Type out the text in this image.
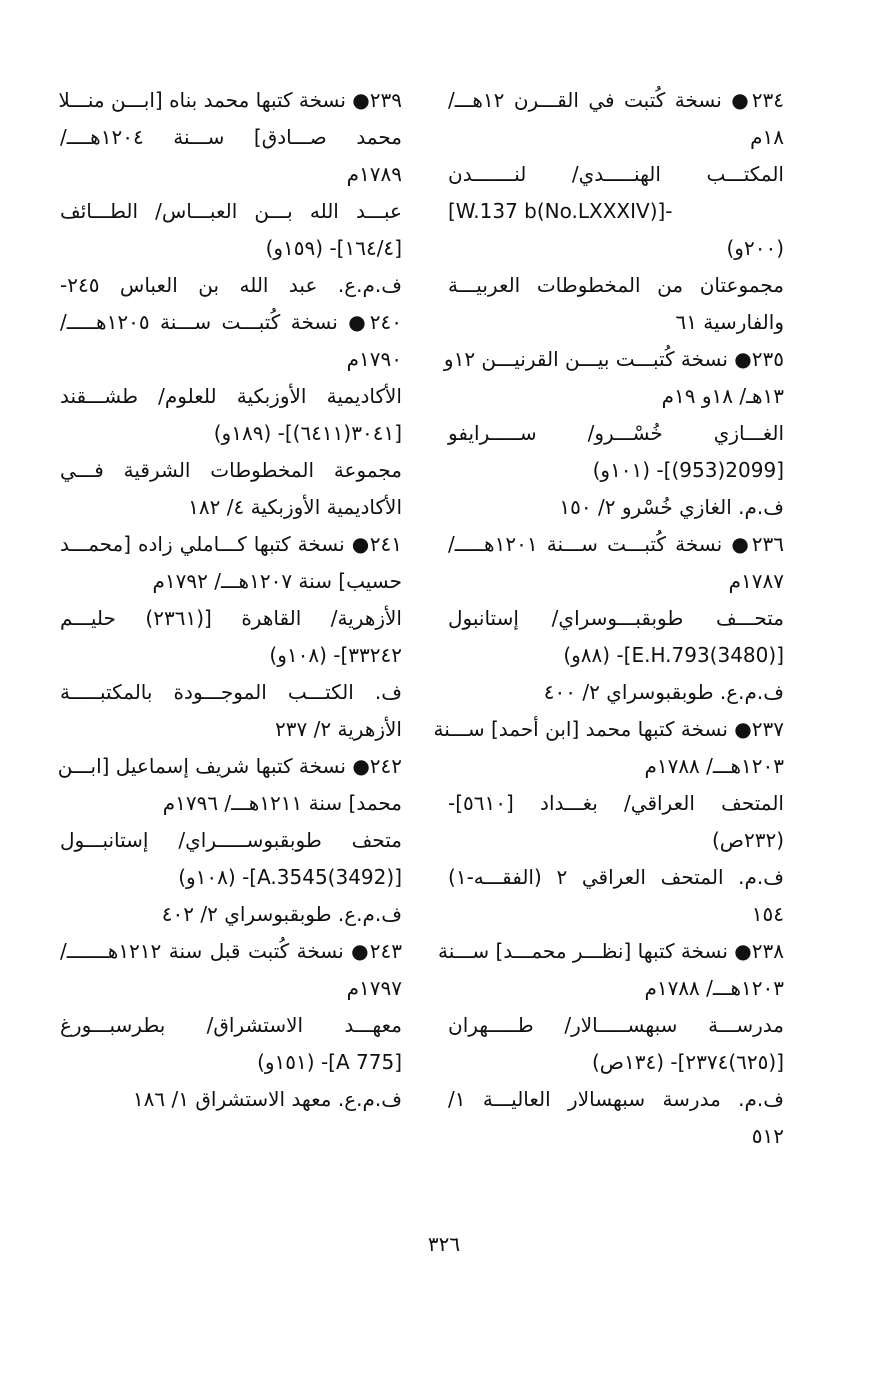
٢٣٤● نسخة كُتبت في القـــرن ١٢هـــ/
١٨م
المكتـــب الهنـــــدي/ لنـــــــدن
[W.137 b(No.LXXXIV)]-
(٢٠٠و)
مجموعتان من المخطوطات العربيـــة
والفارسية ٦١
٢٣٥● نسخة كُتبـــت بيـــن القرنيـــن ١٢و
١٣هـ/ ١٨و ١٩م
الغـــازي خُسْـــرو/ ســـــرايفو
[2099(953)]- (١٠١و)
ف.م. الغازي خُسْرو ٢/ ١٥٠
٢٣٦● نسخة كُتبـــت ســـنة ١٢٠١هـــــ/
١٧٨٧م
متحـــف طوبقبـــوسراي/ إستانبول
[E.H.793(3480)]- (٨٨و)
ف.م.ع. طوبقبوسراي ٢/ ٤٠٠
٢٣٧● نسخة كتبها محمد [ابن أحمد] ســـنة
١٢٠٣هـــ/ ١٧٨٨م
المتحف العراقي/ بغـــداد [٥٦١٠]-
(٢٣٢ص)
ف.م. المتحف العراقي ٢ (الفقـــه-١)
١٥٤
٢٣٨● نسخة كتبها [نظـــر محمـــد] ســـنة
١٢٠٣هـــ/ ١٧٨٨م
مدرســـة سبهســـــالار/ طـــــهران
[(٦٢٥)٢٣٧٤]- (١٣٤ص)
ف.م. مدرسة سبهسالار العاليـــة ١/
٥١٢
٢٣٩● نسخة كتبها محمد بناه [ابـــن منـــلا
محمد صـــادق] ســـنة ١٢٠٤هــــ/
١٧٨٩م
عبـــد الله بـــن العبـــاس/ الطـــائف
[١٦٤/٤]- (١٥٩و)
ف.م.ع. عبد الله بن العباس ٢٤٥-
٢٤٠● نسخة كُتبـــت ســـنة ١٢٠٥هـــــ/
١٧٩٠م
الأكاديمية الأوزبكية للعلوم/ طشـــقند
[٣٠٤١(٦٤١١)]- (١٨٩و)
مجموعة المخطوطات الشرقية فـــي
الأكاديمية الأوزبكية ٤/ ١٨٢
٢٤١● نسخة كتبها كـــاملي زاده [محمـــد
حسيب] سنة ١٢٠٧هـــ/ ١٧٩٢م
الأزهرية/ القاهرة [(٢٣٦١) حليـــم
٣٣٢٤٢]- (١٠٨و)
ف. الكتـــب الموجـــودة بالمكتبـــــة
الأزهرية ٢/ ٢٣٧
٢٤٢● نسخة كتبها شريف إسماعيل [ابـــن
محمد] سنة ١٢١١هـــ/ ١٧٩٦م
متحف طوبقبوســـــراي/ إستانبـــول
[A.3545(3492)]- (١٠٨و)
ف.م.ع. طوبقبوسراي ٢/ ٤٠٢
٢٤٣● نسخة كُتبت قبل سنة ١٢١٢هـــــــ/
١٧٩٧م
معهـــد الاستشراق/ بطرسبـــورغ
[A 775]- (١٥١و)
ف.م.ع. معهد الاستشراق ١/ ١٨٦
٣٢٦
